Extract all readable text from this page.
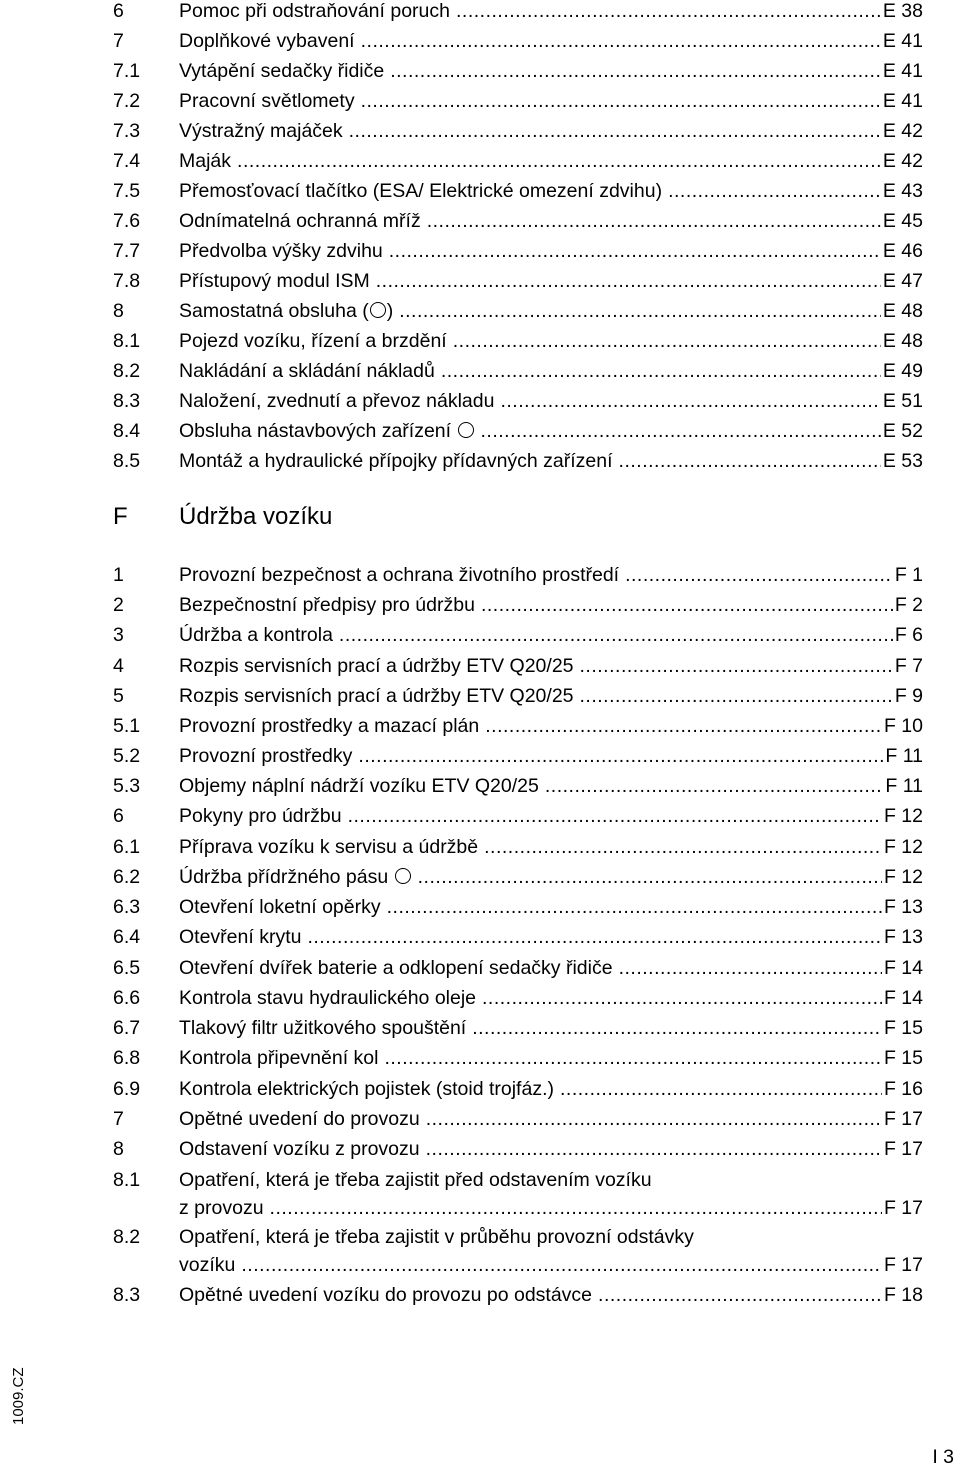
6	Pomoc při odstraňování poruch .....	E 38
7	Doplňkové vybavení .....	E 41
7.1	Vytápění sedačky řidiče .....	E 41
7.2	Pracovní světlomety .....	E 41
7.3	Výstražný majáček .....	E 42
7.4	Maják .....	E 42
7.5	Přemosťovací tlačítko (ESA/ Elektrické omezení zdvihu) .....	E 43
7.6	Odnímatelná ochranná mříž .....	E 45
7.7	Předvolba výšky zdvihu .....	E 46
7.8	Přístupový modul ISM .....	E 47
8	Samostatná obsluha ( ) .....	E 48
8.1	Pojezd vozíku, řízení a brzdění .....	E 48
8.2	Nakládání a skládání nákladů .....	E 49
8.3	Naložení, zvednutí a převoz nákladu .....	E 51
8.4	Obsluha nástavbových zařízení .....	E 52
8.5	Montáž a hydraulické přípojky přídavných zařízení .....	E 53
F	Údržba vozíku
1	Provozní bezpečnost a ochrana životního prostředí .....	F 1
2	Bezpečnostní předpisy pro údržbu .....	F 2
3	Údržba a kontrola .....	F 6
4	Rozpis servisních prací a údržby ETV Q20/25 .....	F 7
5	Rozpis servisních prací a údržby ETV Q20/25 .....	F 9
5.1	Provozní prostředky a mazací plán .....	F 10
5.2	Provozní prostředky .....	F 11
5.3	Objemy náplní nádrží vozíku ETV Q20/25 .....	F 11
6	Pokyny pro údržbu .....	F 12
6.1	Příprava vozíku k servisu a údržbě .....	F 12
6.2	Údržba přídržného pásu .....	F 12
6.3	Otevření loketní opěrky .....	F 13
6.4	Otevření krytu .....	F 13
6.5	Otevření dvířek baterie a odklopení sedačky řidiče .....	F 14
6.6	Kontrola stavu hydraulického oleje .....	F 14
6.7	Tlakový filtr užitkového spouštění .....	F 15
6.8	Kontrola připevnění kol .....	F 15
6.9	Kontrola elektrických pojistek (stoid trojfáz.) .....	F 16
7	Opětné uvedení do provozu .....	F 17
8	Odstavení vozíku z provozu .....	F 17
8.1	Opatření, která je třeba zajistit před odstavením vozíku
z provozu .....	F 17
8.2	Opatření, která je třeba zajistit v průběhu provozní odstávky
vozíku .....	F 17
8.3	Opětné uvedení vozíku do provozu po odstávce .....	F 18
1009.CZ
I 3
